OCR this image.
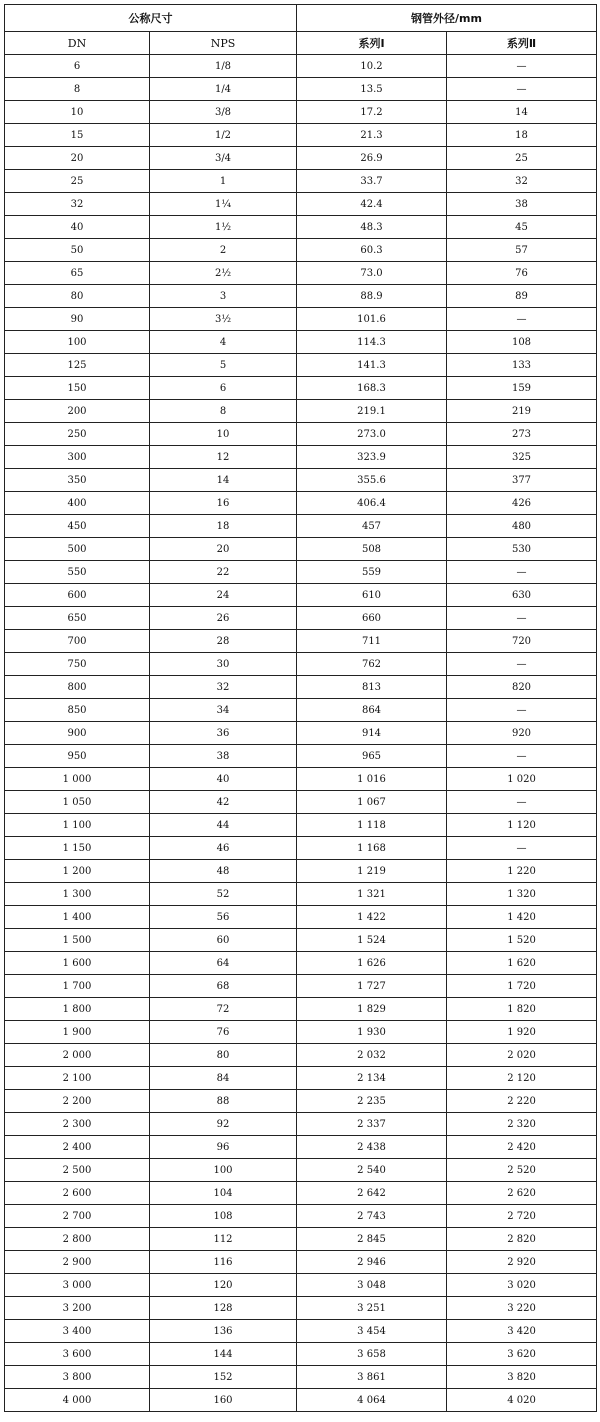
公称尺寸		钢管外径/mm	
DN	NPS	系列Ⅰ	系列Ⅱ
6	1/8	10.2	—
8	1/4	13.5	—
10	3/8	17.2	14
15	1/2	21.3	18
20	3/4	26.9	25
25	1	33.7	32
32	1¼	42.4	38
40	1½	48.3	45
50	2	60.3	57
65	2½	73.0	76
80	3	88.9	89
90	3½	101.6	—
100	4	114.3	108
125	5	141.3	133
150	6	168.3	159
200	8	219.1	219
250	10	273.0	273
300	12	323.9	325
350	14	355.6	377
400	16	406.4	426
450	18	457	480
500	20	508	530
550	22	559	—
600	24	610	630
650	26	660	—
700	28	711	720
750	30	762	—
800	32	813	820
850	34	864	—
900	36	914	920
950	38	965	—
1 000	40	1 016	1 020
1 050	42	1 067	—
1 100	44	1 118	1 120
1 150	46	1 168	—
1 200	48	1 219	1 220
1 300	52	1 321	1 320
1 400	56	1 422	1 420
1 500	60	1 524	1 520
1 600	64	1 626	1 620
1 700	68	1 727	1 720
1 800	72	1 829	1 820
1 900	76	1 930	1 920
2 000	80	2 032	2 020
2 100	84	2 134	2 120
2 200	88	2 235	2 220
2 300	92	2 337	2 320
2 400	96	2 438	2 420
2 500	100	2 540	2 520
2 600	104	2 642	2 620
2 700	108	2 743	2 720
2 800	112	2 845	2 820
2 900	116	2 946	2 920
3 000	120	3 048	3 020
3 200	128	3 251	3 220
3 400	136	3 454	3 420
3 600	144	3 658	3 620
3 800	152	3 861	3 820
4 000	160	4 064	4 020
